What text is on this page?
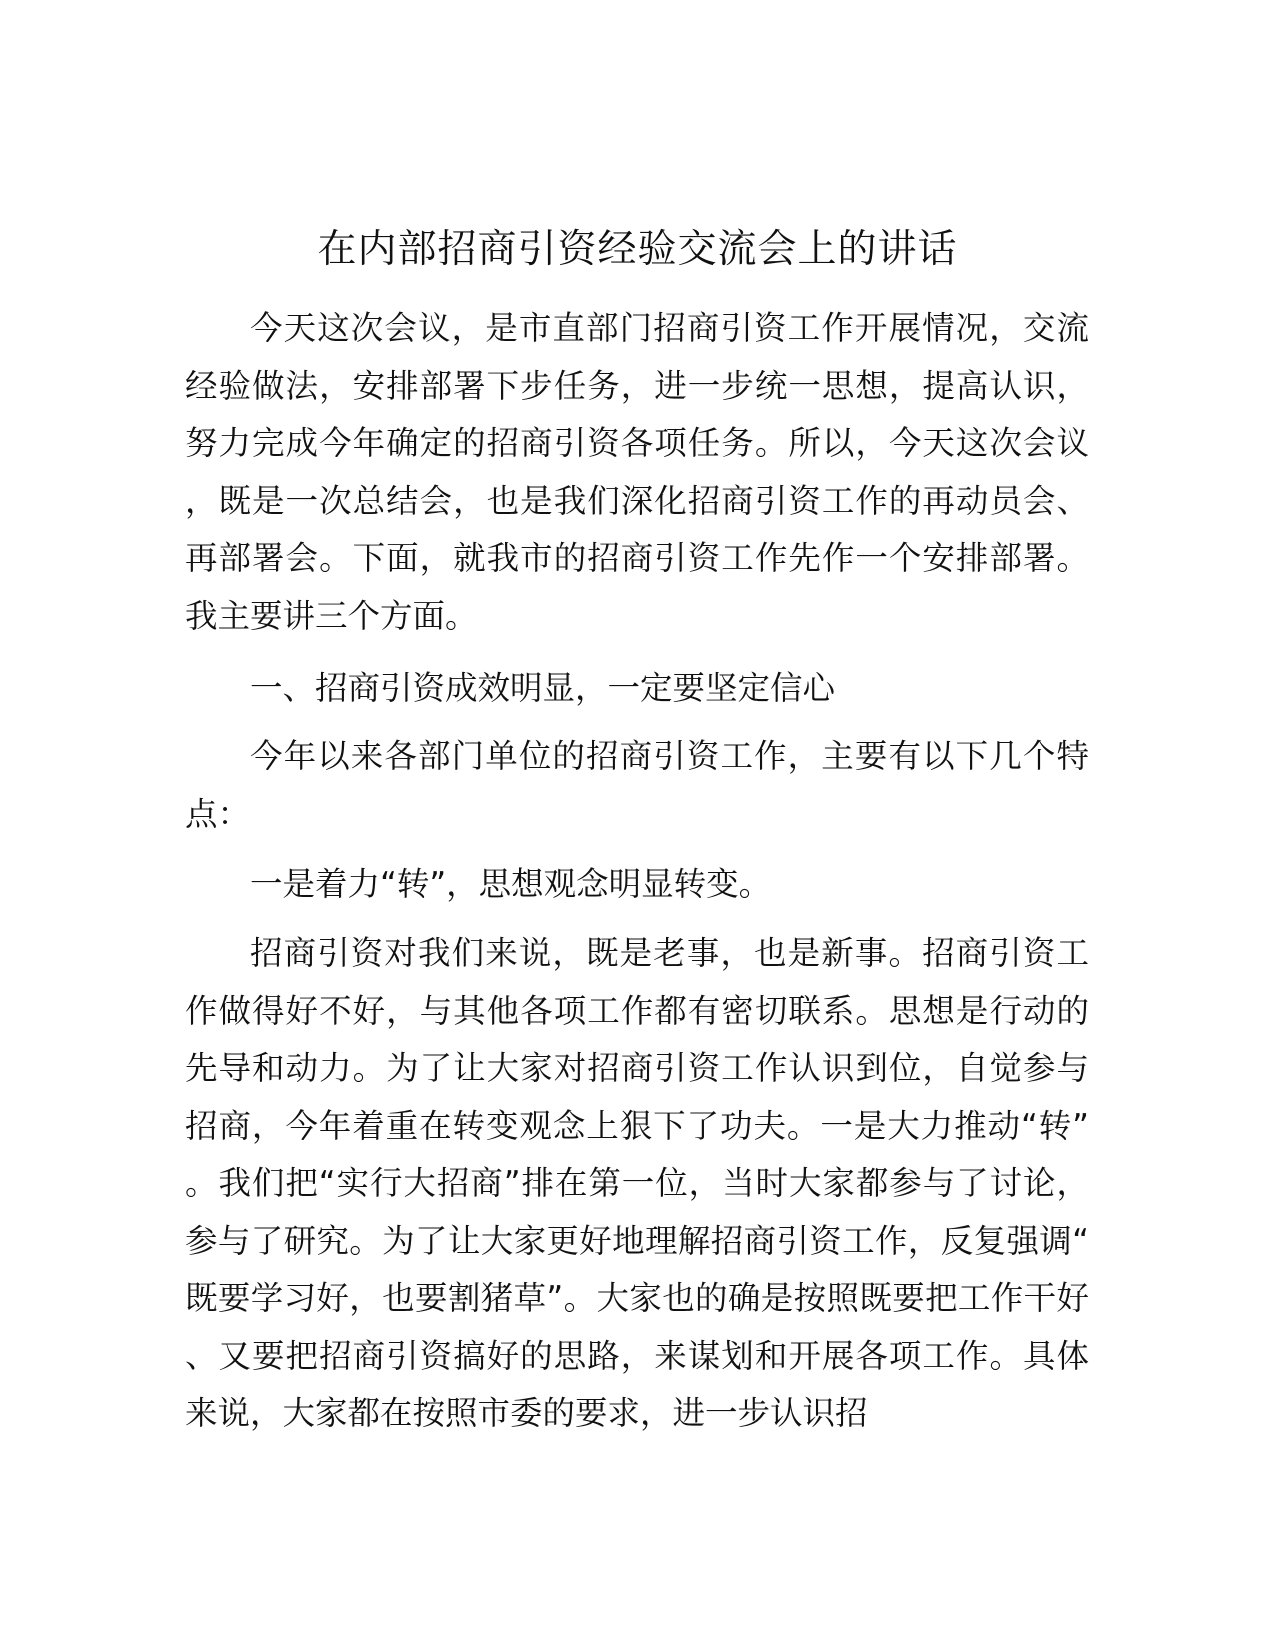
在内部招商引资经验交流会上的讲话

今天这次会议，是市直部门招商引资工作开展情况，交流经验做法，安排部署下步任务，进一步统一思想，提高认识，努力完成今年确定的招商引资各项任务。所以，今天这次会议，既是一次总结会，也是我们深化招商引资工作的再动员会、再部署会。下面，就我市的招商引资工作先作一个安排部署。我主要讲三个方面。

一、招商引资成效明显，一定要坚定信心

今年以来各部门单位的招商引资工作，主要有以下几个特点：

一是着力“转”，思想观念明显转变。

招商引资对我们来说，既是老事，也是新事。招商引资工作做得好不好，与其他各项工作都有密切联系。思想是行动的先导和动力。为了让大家对招商引资工作认识到位，自觉参与招商，今年着重在转变观念上狠下了功夫。一是大力推动“转”。我们把“实行大招商”排在第一位，当时大家都参与了讨论，参与了研究。为了让大家更好地理解招商引资工作，反复强调“既要学习好，也要割猪草”。大家也的确是按照既要把工作干好、又要把招商引资搞好的思路，来谋划和开展各项工作。具体来说，大家都在按照市委的要求，进一步认识招
